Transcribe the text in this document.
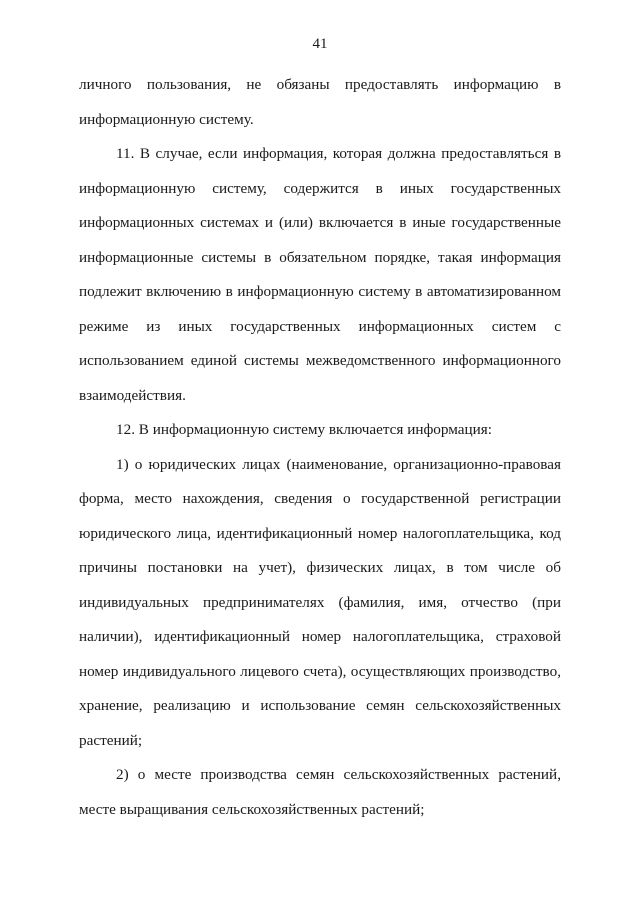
41

личного пользования, не обязаны предоставлять информацию в информационную систему.

11. В случае, если информация, которая должна предоставляться в информационную систему, содержится в иных государственных информационных системах и (или) включается в иные государственные информационные системы в обязательном порядке, такая информация подлежит включению в информационную систему в автоматизированном режиме из иных государственных информационных систем с использованием единой системы межведомственного информационного взаимодействия.

12. В информационную систему включается информация:

1) о юридических лицах (наименование, организационно-правовая форма, место нахождения, сведения о государственной регистрации юридического лица, идентификационный номер налогоплательщика, код причины постановки на учет), физических лицах, в том числе об индивидуальных предпринимателях (фамилия, имя, отчество (при наличии), идентификационный номер налогоплательщика, страховой номер индивидуального лицевого счета), осуществляющих производство, хранение, реализацию и использование семян сельскохозяйственных растений;

2) о месте производства семян сельскохозяйственных растений, месте выращивания сельскохозяйственных растений;
